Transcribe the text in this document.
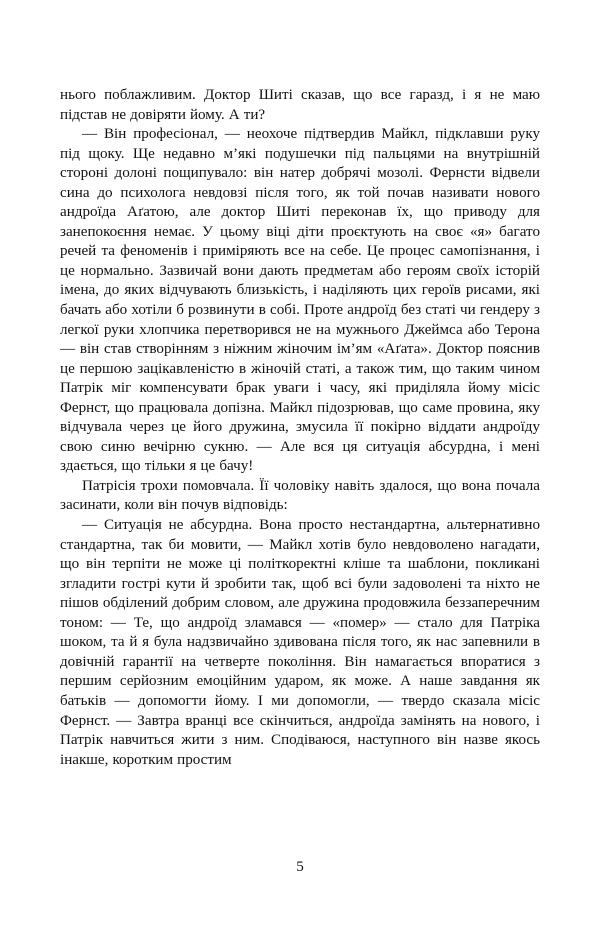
нього поблажливим. Доктор Шиті сказав, що все гаразд, і я не маю підстав не довіряти йому. А ти?

— Він професіонал, — неохоче підтвердив Майкл, підклавши руку під щоку. Ще недавно м’які подушечки під пальцями на внутрішній стороні долоні пощипувало: він натер добрячі мозолі. Фернсти відвели сина до психолога невдовзі після того, як той почав називати нового андроїда Аґатою, але доктор Шиті переконав їх, що приводу для занепокоєння немає. У цьому віці діти проєктують на своє «я» багато речей та феноменів і приміряють все на себе. Це процес самопізнання, і це нормально. Зазвичай вони дають предметам або героям своїх історій імена, до яких відчувають близькість, і наділяють цих героїв рисами, які бачать або хотіли б розвинути в собі. Проте андроїд без статі чи гендеру з легкої руки хлопчика перетворився не на мужнього Джеймса або Терона — він став створінням з ніжним жіночим ім’ям «Аґата». Доктор пояснив це першою зацікавленістю в жіночій статі, а також тим, що таким чином Патрік міг компенсувати брак уваги і часу, які приділяла йому місіс Фернст, що працювала допізна. Майкл підозрював, що саме провина, яку відчувала через це його дружина, змусила її покірно віддати андроїду свою синю вечірню сукню. — Але вся ця ситуація абсурдна, і мені здається, що тільки я це бачу!

Патрісія трохи помовчала. Її чоловіку навіть здалося, що вона почала засинати, коли він почув відповідь:

— Ситуація не абсурдна. Вона просто нестандартна, альтернативно стандартна, так би мовити, — Майкл хотів було невдоволено нагадати, що він терпіти не може ці політкоректні кліше та шаблони, покликані згладити гострі кути й зробити так, щоб всі були задоволені та ніхто не пішов обділений добрим словом, але дружина продовжила беззаперечним тоном: — Те, що андроїд зламався — «помер» — стало для Патріка шоком, та й я була надзвичайно здивована після того, як нас запевнили в довічній гарантії на четверте покоління. Він намагається впоратися з першим серйозним емоційним ударом, як може. А наше завдання як батьків — допомогти йому. І ми допомогли, — твердо сказала місіс Фернст. — Завтра вранці все скінчиться, андроїда замінять на нового, і Патрік навчиться жити з ним. Сподіваюся, наступного він назве якось інакше, коротким простим

5
